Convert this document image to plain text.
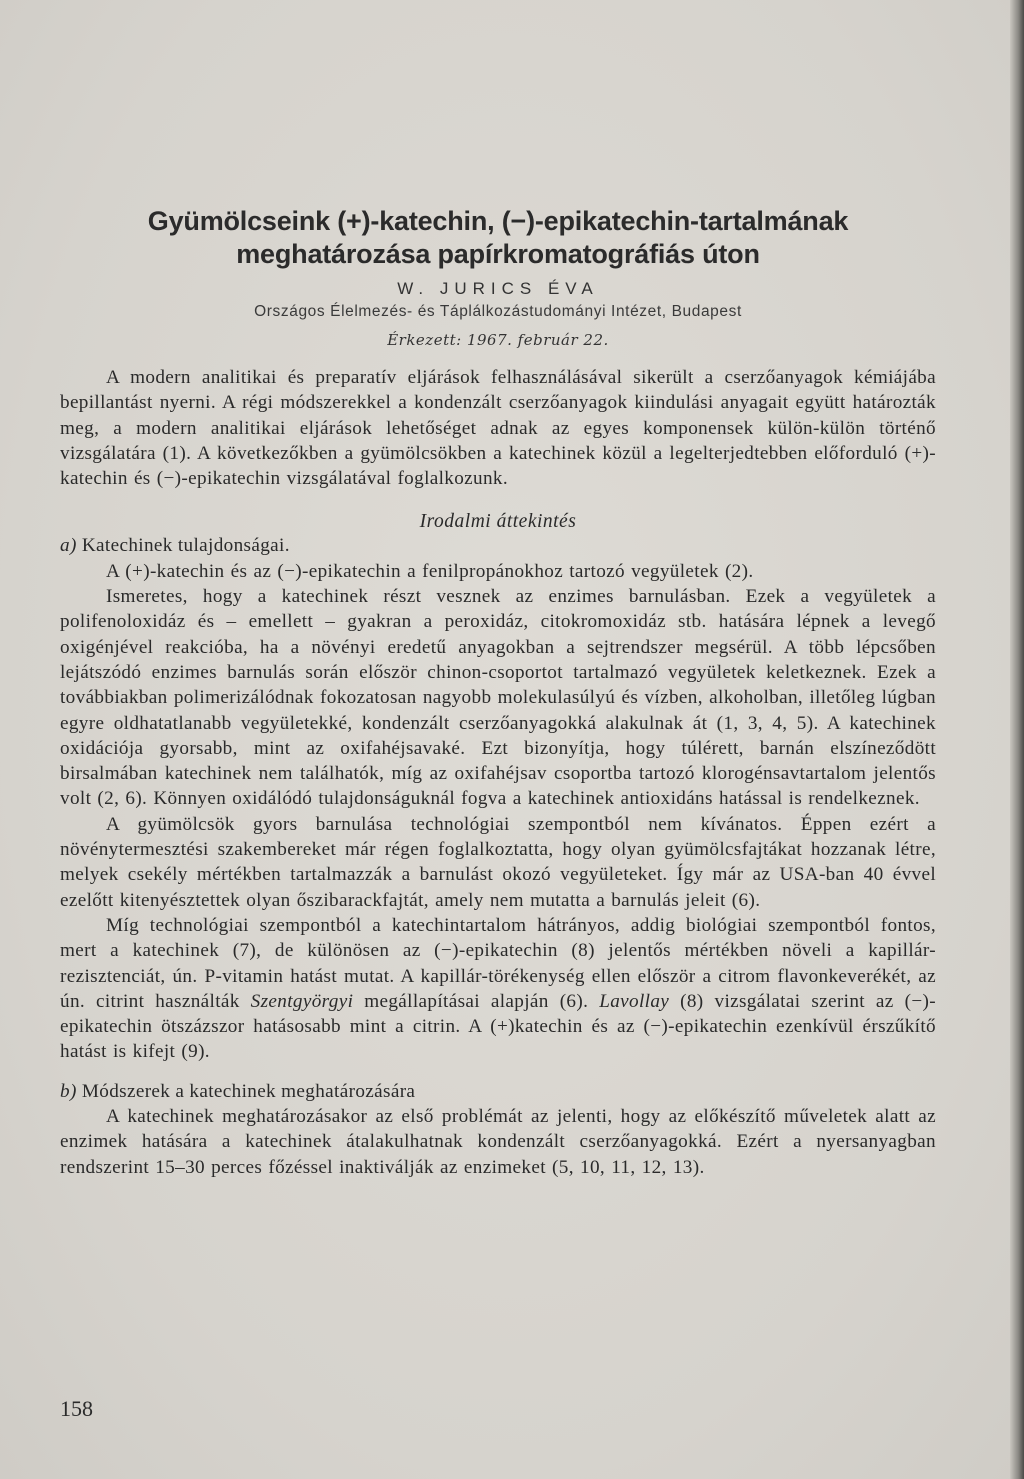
Gyümölcseink (+)-katechin, (−)-epikatechin-tartalmának
meghatározása papírkromatográfiás úton
W. JURICS ÉVA
Országos Élelmezés- és Táplálkozástudományi Intézet, Budapest
Érkezett: 1967. február 22.

A modern analitikai és preparatív eljárások felhasználásával sikerült a cserzőanyagok kémiájába bepillantást nyerni. A régi módszerekkel a kondenzált cserzőanyagok kiindulási anyagait együtt határozták meg, a modern analitikai eljárások lehetőséget adnak az egyes komponensek külön-külön történő vizsgálatára (1). A következőkben a gyümölcsökben a katechinek közül a legelterjedtebben előforduló (+)-katechin és (−)-epikatechin vizsgálatával foglalkozunk.

Irodalmi áttekintés

a) Katechinek tulajdonságai.

A (+)-katechin és az (−)-epikatechin a fenilpropánokhoz tartozó vegyületek (2).

Ismeretes, hogy a katechinek részt vesznek az enzimes barnulásban. Ezek a vegyületek a polifenoloxidáz és – emellett – gyakran a peroxidáz, citokromoxidáz stb. hatására lépnek a levegő oxigénjével reakcióba, ha a növényi eredetű anyagokban a sejtrendszer megsérül. A több lépcsőben lejátszódó enzimes barnulás során először chinon-csoportot tartalmazó vegyületek keletkeznek. Ezek a továbbiakban polimerizálódnak fokozatosan nagyobb molekulasúlyú és vízben, alkoholban, illetőleg lúgban egyre oldhatatlanabb vegyületekké, kondenzált cserzőanyagokká alakulnak át (1, 3, 4, 5). A katechinek oxidációja gyorsabb, mint az oxifahéjsavaké. Ezt bizonyítja, hogy túlérett, barnán elszíneződött birsalmában katechinek nem találhatók, míg az oxifahéjsav csoportba tartozó klorogénsavtartalom jelentős volt (2, 6). Könnyen oxidálódó tulajdonságuknál fogva a katechinek antioxidáns hatással is rendelkeznek.

A gyümölcsök gyors barnulása technológiai szempontból nem kívánatos. Éppen ezért a növénytermesztési szakembereket már régen foglalkoztatta, hogy olyan gyümölcsfajtákat hozzanak létre, melyek csekély mértékben tartalmazzák a barnulást okozó vegyületeket. Így már az USA-ban 40 évvel ezelőtt kitenyésztettek olyan őszibarackfajtát, amely nem mutatta a barnulás jeleit (6).

Míg technológiai szempontból a katechintartalom hátrányos, addig biológiai szempontból fontos, mert a katechinek (7), de különösen az (−)-epikatechin (8) jelentős mértékben növeli a kapillár-rezisztenciát, ún. P-vitamin hatást mutat. A kapillár-törékenység ellen először a citrom flavonkeverékét, az ún. citrint használták Szentgyörgyi megállapításai alapján (6). Lavollay (8) vizsgálatai szerint az (−)-epikatechin ötszázszor hatásosabb mint a citrin. A (+)katechin és az (−)-epikatechin ezenkívül érszűkítő hatást is kifejt (9).

b) Módszerek a katechinek meghatározására

A katechinek meghatározásakor az első problémát az jelenti, hogy az előkészítő műveletek alatt az enzimek hatására a katechinek átalakulhatnak kondenzált cserzőanyagokká. Ezért a nyersanyagban rendszerint 15–30 perces főzéssel inaktiválják az enzimeket (5, 10, 11, 12, 13).

158
